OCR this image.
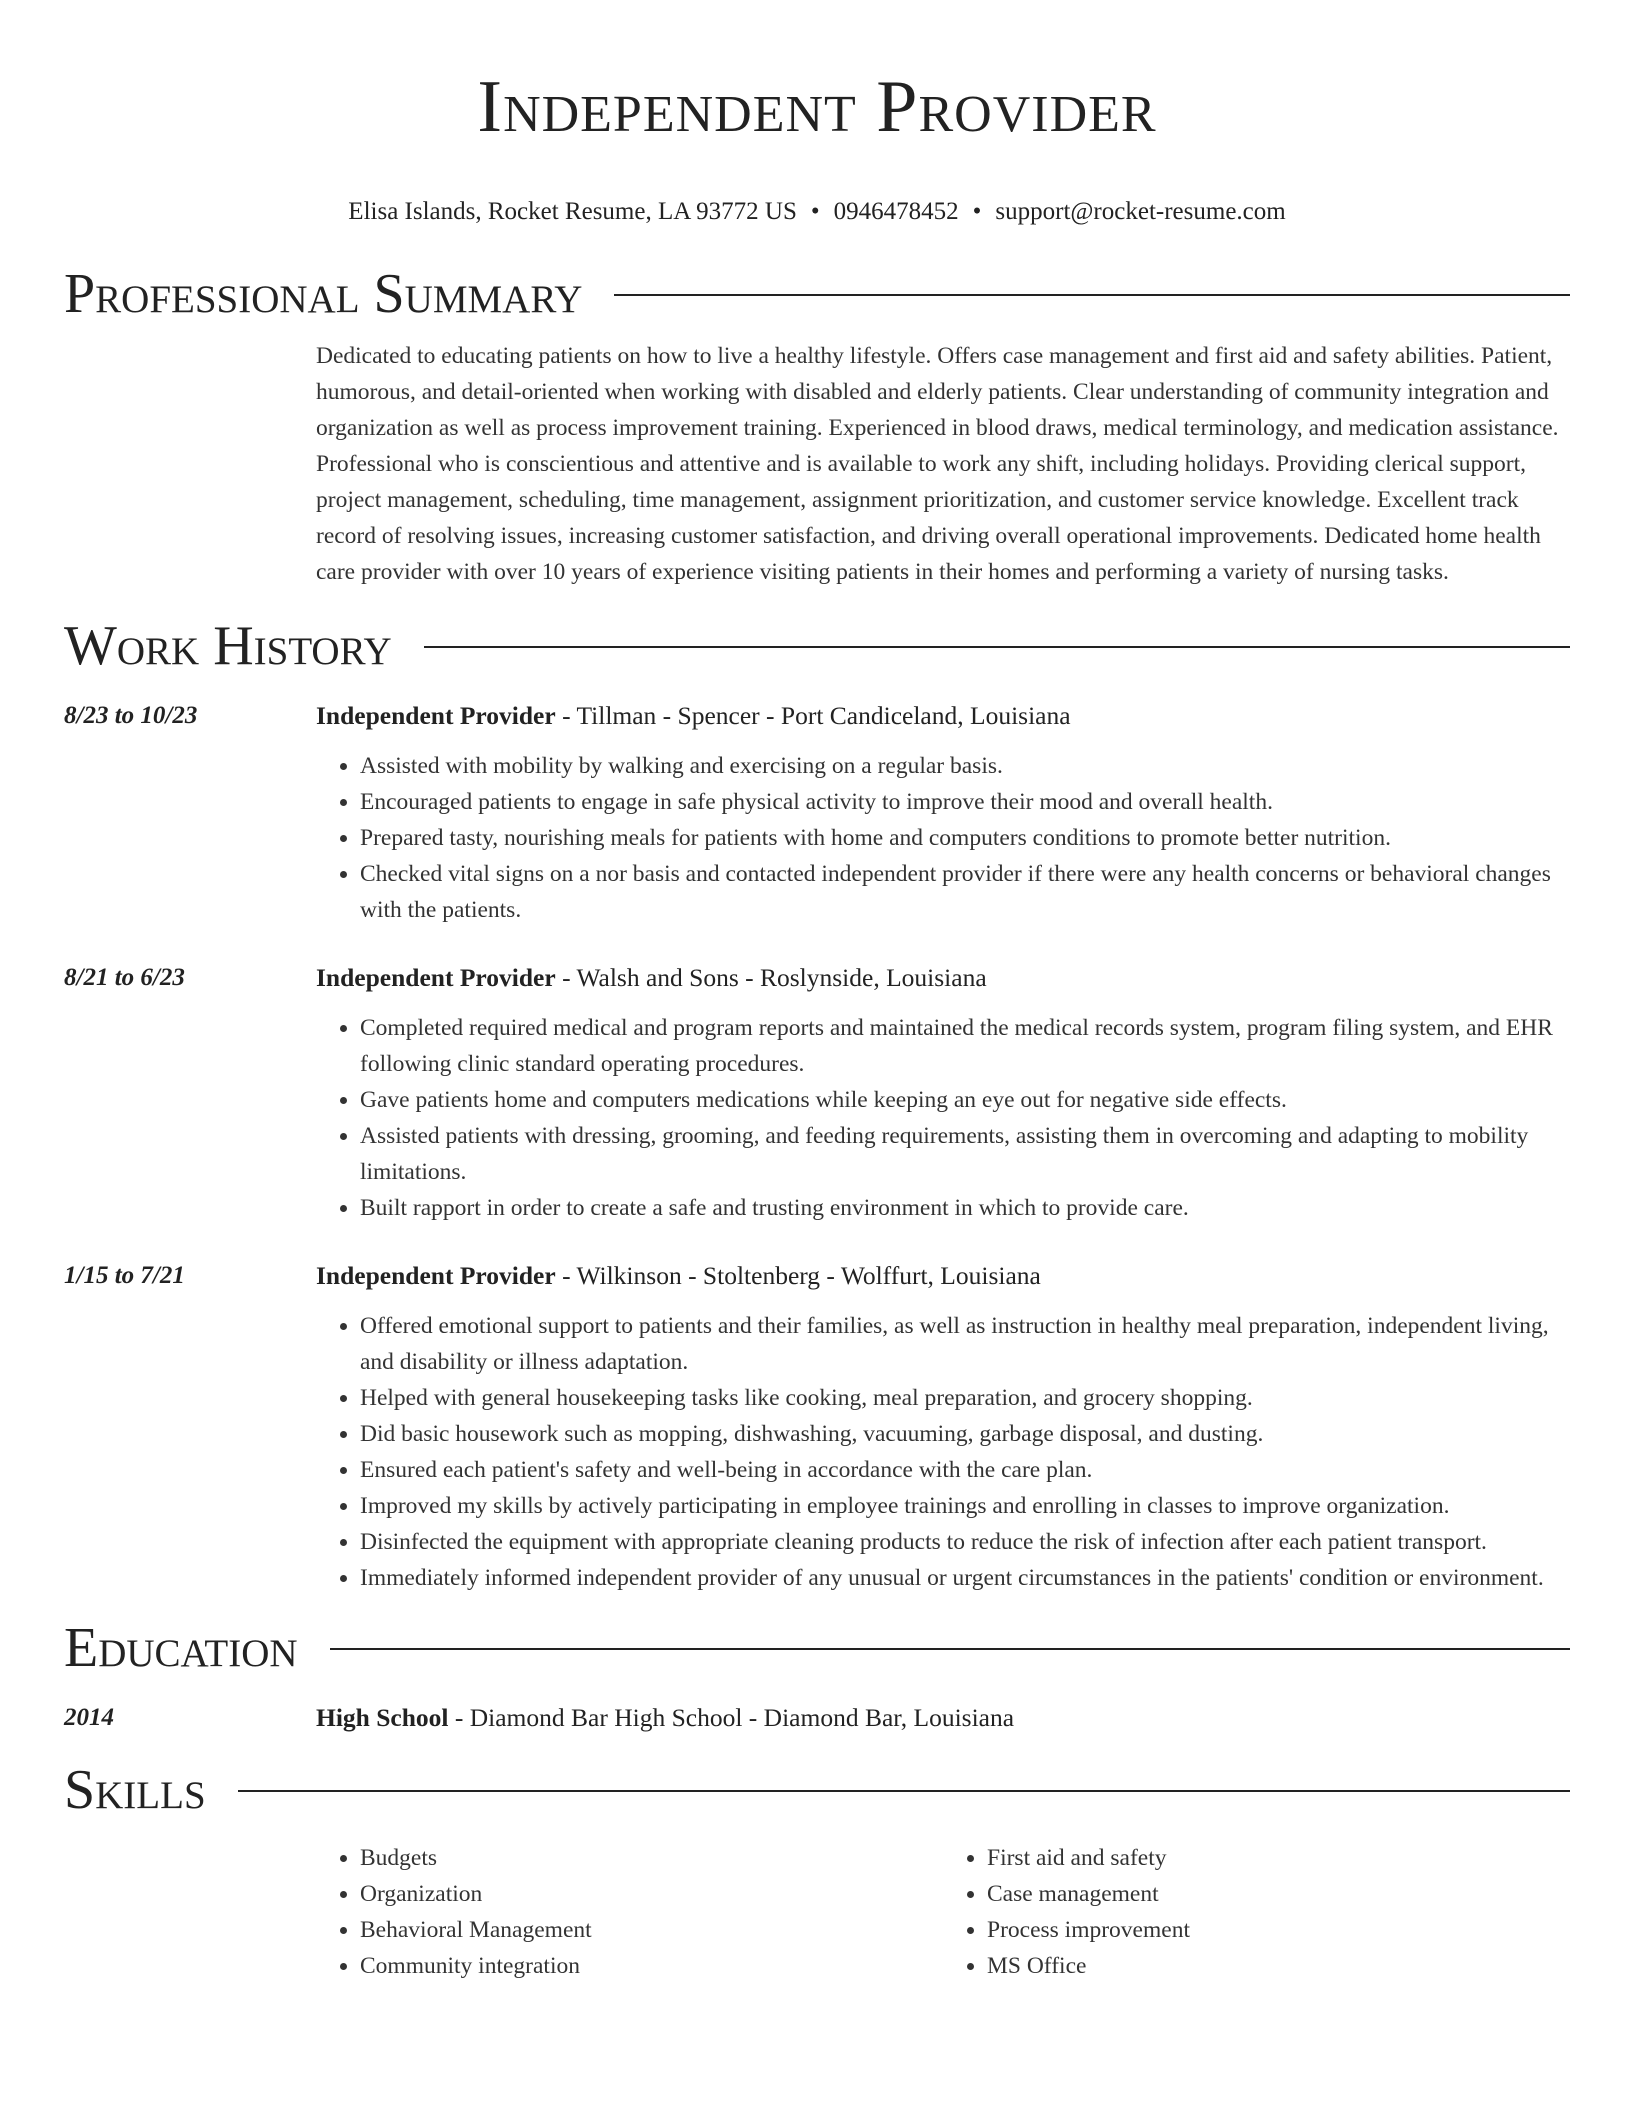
Independent Provider
Elisa Islands, Rocket Resume, LA 93772 US • 0946478452 • support@rocket-resume.com
Professional Summary
Dedicated to educating patients on how to live a healthy lifestyle. Offers case management and first aid and safety abilities. Patient, humorous, and detail-oriented when working with disabled and elderly patients. Clear understanding of community integration and organization as well as process improvement training. Experienced in blood draws, medical terminology, and medication assistance. Professional who is conscientious and attentive and is available to work any shift, including holidays. Providing clerical support, project management, scheduling, time management, assignment prioritization, and customer service knowledge. Excellent track record of resolving issues, increasing customer satisfaction, and driving overall operational improvements. Dedicated home health care provider with over 10 years of experience visiting patients in their homes and performing a variety of nursing tasks.
Work History
8/23 to 10/23	Independent Provider - Tillman - Spencer - Port Candiceland, Louisiana
• Assisted with mobility by walking and exercising on a regular basis.
• Encouraged patients to engage in safe physical activity to improve their mood and overall health.
• Prepared tasty, nourishing meals for patients with home and computers conditions to promote better nutrition.
• Checked vital signs on a nor basis and contacted independent provider if there were any health concerns or behavioral changes with the patients.
8/21 to 6/23	Independent Provider - Walsh and Sons - Roslynside, Louisiana
• Completed required medical and program reports and maintained the medical records system, program filing system, and EHR following clinic standard operating procedures.
• Gave patients home and computers medications while keeping an eye out for negative side effects.
• Assisted patients with dressing, grooming, and feeding requirements, assisting them in overcoming and adapting to mobility limitations.
• Built rapport in order to create a safe and trusting environment in which to provide care.
1/15 to 7/21	Independent Provider - Wilkinson - Stoltenberg - Wolffurt, Louisiana
• Offered emotional support to patients and their families, as well as instruction in healthy meal preparation, independent living, and disability or illness adaptation.
• Helped with general housekeeping tasks like cooking, meal preparation, and grocery shopping.
• Did basic housework such as mopping, dishwashing, vacuuming, garbage disposal, and dusting.
• Ensured each patient's safety and well-being in accordance with the care plan.
• Improved my skills by actively participating in employee trainings and enrolling in classes to improve organization.
• Disinfected the equipment with appropriate cleaning products to reduce the risk of infection after each patient transport.
• Immediately informed independent provider of any unusual or urgent circumstances in the patients' condition or environment.
Education
2014	High School - Diamond Bar High School - Diamond Bar, Louisiana
Skills
• Budgets
• Organization
• Behavioral Management
• Community integration
• First aid and safety
• Case management
• Process improvement
• MS Office
